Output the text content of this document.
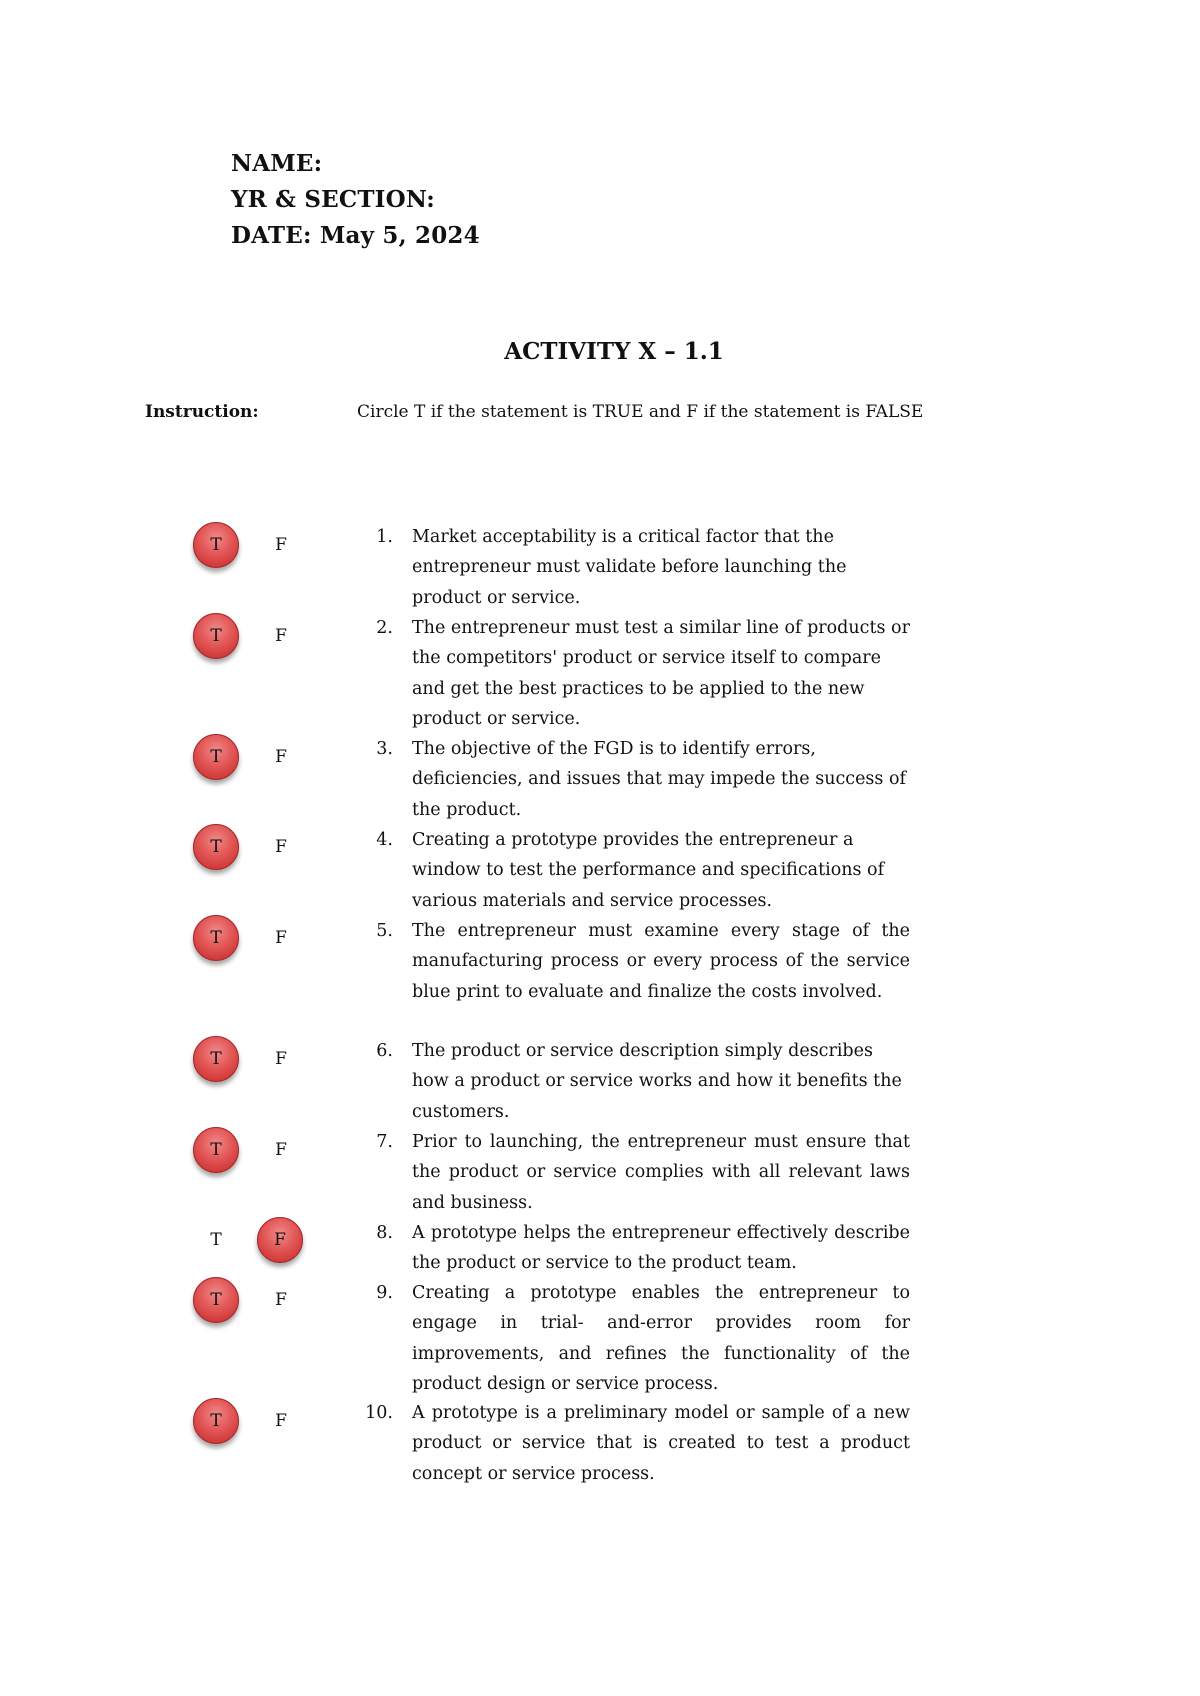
NAME:
YR & SECTION:
DATE: May 5, 2024
ACTIVITY X – 1.1
Instruction:	Circle T if the statement is TRUE and F if the statement is FALSE
T	F	1. Market acceptability is a critical factor that the entrepreneur must validate before launching the product or service.

T	F	2. The entrepreneur must test a similar line of products or the competitors' product or service itself to compare and get the best practices to be applied to the new product or service.

T	F	3. The objective of the FGD is to identify errors, deficiencies, and issues that may impede the success of the product.

T	F	4. Creating a prototype provides the entrepreneur a window to test the performance and specifications of various materials and service processes.

T	F	5. The entrepreneur must examine every stage of the manufacturing process or every process of the service blue print to evaluate and finalize the costs involved.

T	F	6. The product or service description simply describes how a product or service works and how it benefits the customers.

T	F	7. Prior to launching, the entrepreneur must ensure that the product or service complies with all relevant laws and business.

T	F	8. A prototype helps the entrepreneur effectively describe the product or service to the product team.

T	F	9. Creating a prototype enables the entrepreneur to engage in trial- and-error provides room for improvements, and refines the functionality of the product design or service process.

T	F	10. A prototype is a preliminary model or sample of a new product or service that is created to test a product concept or service process.
